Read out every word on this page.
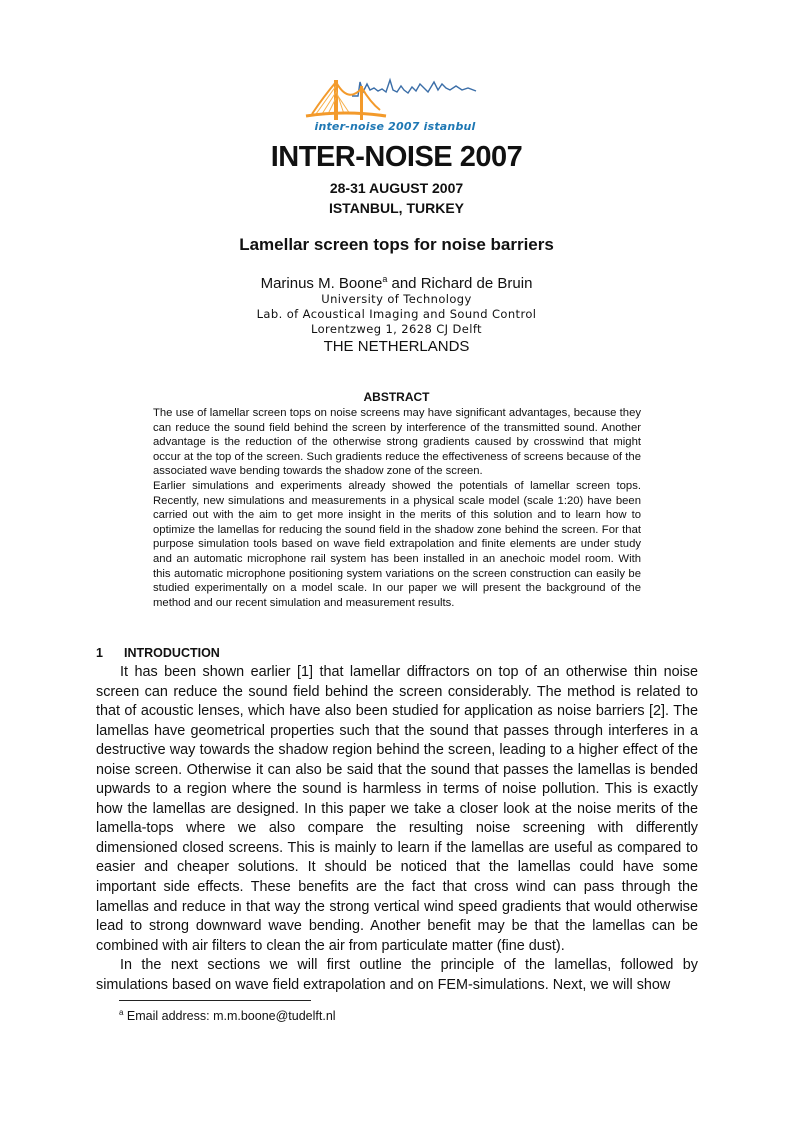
inter-noise 2007 istanbul
INTER-NOISE 2007
28-31 AUGUST 2007
ISTANBUL, TURKEY
Lamellar screen tops for noise barriers
Marinus M. Boone$^a$ and Richard de Bruin
University of Technology
Lab. of Acoustical Imaging and Sound Control
Lorentzweg 1, 2628 CJ Delft
THE NETHERLANDS
ABSTRACT

The use of lamellar screen tops on noise screens may have significant advantages, because they can reduce the sound field behind the screen by interference of the transmitted sound. Another advantage is the reduction of the otherwise strong gradients caused by crosswind that might occur at the top of the screen. Such gradients reduce the effectiveness of screens because of the associated wave bending towards the shadow zone of the screen.

Earlier simulations and experiments already showed the potentials of lamellar screen tops. Recently, new simulations and measurements in a physical scale model (scale 1:20) have been carried out with the aim to get more insight in the merits of this solution and to learn how to optimize the lamellas for reducing the sound field in the shadow zone behind the screen. For that purpose simulation tools based on wave field extrapolation and finite elements are under study and an automatic microphone rail system has been installed in an anechoic model room. With this automatic microphone positioning system variations on the screen construction can easily be studied experimentally on a model scale. In our paper we will present the background of the method and our recent simulation and measurement results.

1 INTRODUCTION

It has been shown earlier [1] that lamellar diffractors on top of an otherwise thin noise screen can reduce the sound field behind the screen considerably. The method is related to that of acoustic lenses, which have also been studied for application as noise barriers [2]. The lamellas have geometrical properties such that the sound that passes through interferes in a destructive way towards the shadow region behind the screen, leading to a higher effect of the noise screen. Otherwise it can also be said that the sound that passes the lamellas is bended upwards to a region where the sound is harmless in terms of noise pollution. This is exactly how the lamellas are designed. In this paper we take a closer look at the noise merits of the lamella-tops where we also compare the resulting noise screening with differently dimensioned closed screens. This is mainly to learn if the lamellas are useful as compared to easier and cheaper solutions. It should be noticed that the lamellas could have some important side effects. These benefits are the fact that cross wind can pass through the lamellas and reduce in that way the strong vertical wind speed gradients that would otherwise lead to strong downward wave bending. Another benefit may be that the lamellas can be combined with air filters to clean the air from particulate matter (fine dust).

In the next sections we will first outline the principle of the lamellas, followed by simulations based on wave field extrapolation and on FEM-simulations. Next, we will show

$^a$ Email address: m.m.boone@tudelft.nl
